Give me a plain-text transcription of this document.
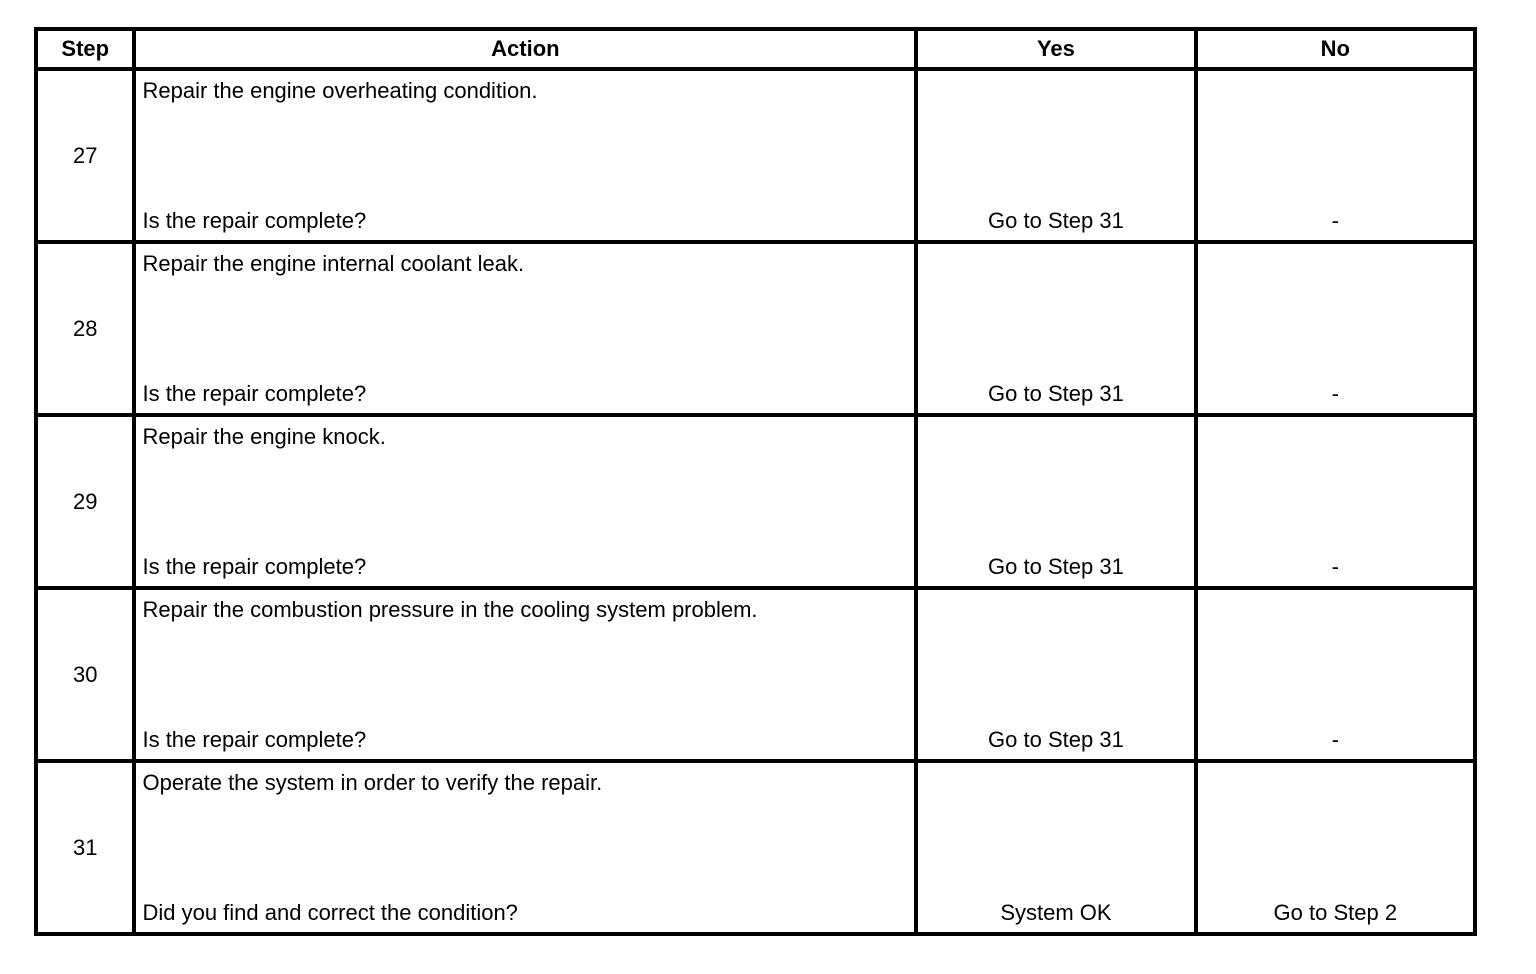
Step	Action	Yes	No
27	Repair the engine overheating condition.
Is the repair complete?	Go to Step 31	-

28	Repair the engine internal coolant leak.
Is the repair complete?	Go to Step 31	-

29	Repair the engine knock.
Is the repair complete?	Go to Step 31	-

30	Repair the combustion pressure in the cooling system problem.
Is the repair complete?	Go to Step 31	-

31	Operate the system in order to verify the repair.
Did you find and correct the condition?	System OK	Go to Step 2
